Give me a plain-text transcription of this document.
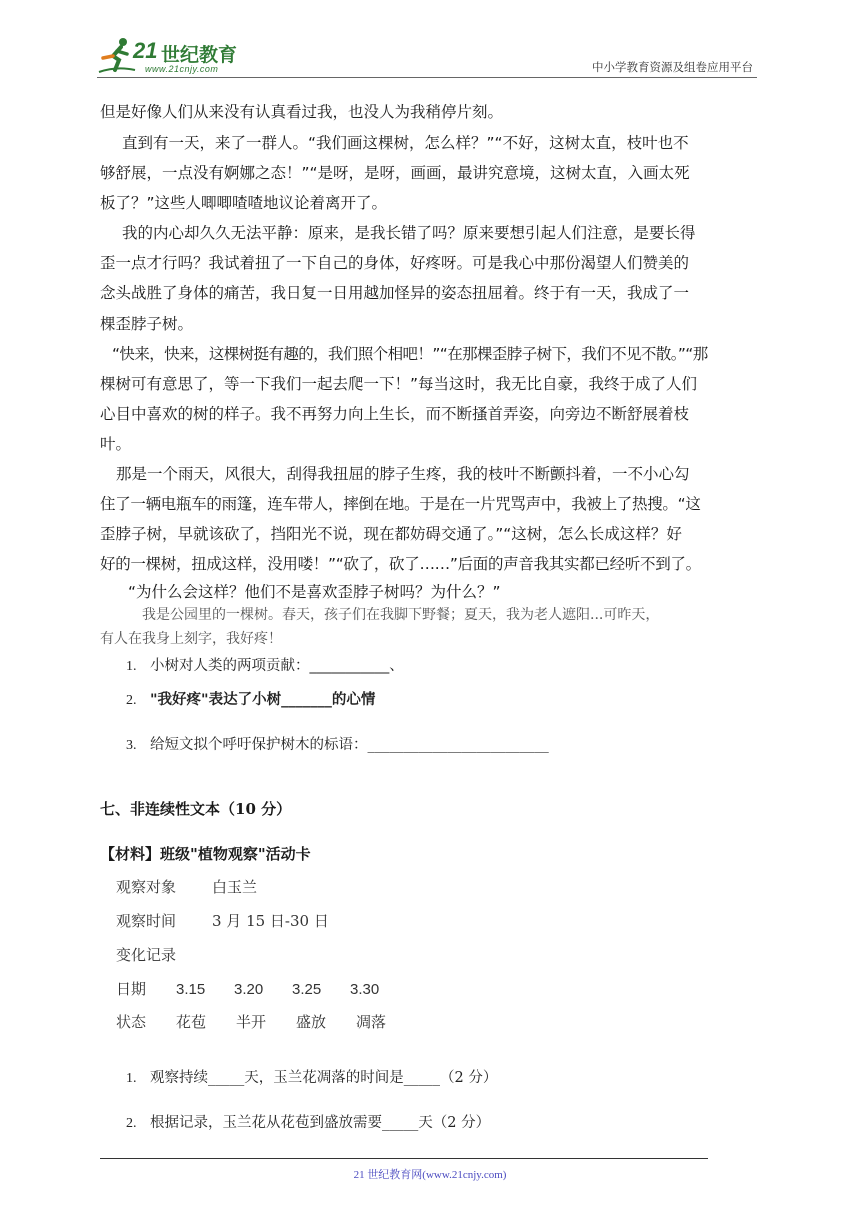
21 世纪教育
www.21cnjy.com	中小学教育资源及组卷应用平台
但是好像人们从来没有认真看过我，也没人为我稍停片刻。
直到有一天，来了一群人。“我们画这棵树，怎么样？”“不好，这树太直，枝叶也不
够舒展，一点没有婀娜之态！”“是呀，是呀，画画，最讲究意境，这树太直，入画太死
板了？”这些人唧唧喳喳地议论着离开了。
我的内心却久久无法平静：原来，是我长错了吗？原来要想引起人们注意，是要长得
歪一点才行吗？我试着扭了一下自己的身体，好疼呀。可是我心中那份渴望人们赞美的
念头战胜了身体的痛苦，我日复一日用越加怪异的姿态扭屈着。终于有一天，我成了一
棵歪脖子树。
“快来，快来，这棵树挺有趣的，我们照个相吧！”“在那棵歪脖子树下，我们不见不散。”“那
棵树可有意思了，等一下我们一起去爬一下！”每当这时，我无比自豪，我终于成了人们
心目中喜欢的树的样子。我不再努力向上生长，而不断搔首弄姿，向旁边不断舒展着枝
叶。
那是一个雨天，风很大，刮得我扭屈的脖子生疼，我的枝叶不断颤抖着，一不小心勾
住了一辆电瓶车的雨篷，连车带人，摔倒在地。于是在一片咒骂声中，我被上了热搜。“这
歪脖子树，早就该砍了，挡阳光不说，现在都妨碍交通了。”“这树，怎么长成这样？好
好的一棵树，扭成这样，没用喽！”“砍了，砍了……”后面的声音我其实都已经听不到了。
“为什么会这样？他们不是喜欢歪脖子树吗？为什么？”
我是公园里的一棵树。春天，孩子们在我脚下野餐；夏天，我为老人遮阳...可昨天，
有人在我身上刻字，我好疼！
1. 小树对人类的两项贡献：___________、
2. "我好疼"表达了小树_______的心情
3. 给短文拟个呼吁保护树木的标语：_________________________
七、非连续性文本（10 分）
【材料】班级"植物观察"活动卡
观察对象 白玉兰
观察时间 3 月 15 日-30 日
变化记录
日期 3.15 3.20 3.25 3.30
状态 花苞 半开 盛放 凋落
1. 观察持续_____天，玉兰花凋落的时间是_____（2 分）
2. 根据记录，玉兰花从花苞到盛放需要_____天（2 分）
21 世纪教育网(www.21cnjy.com)
